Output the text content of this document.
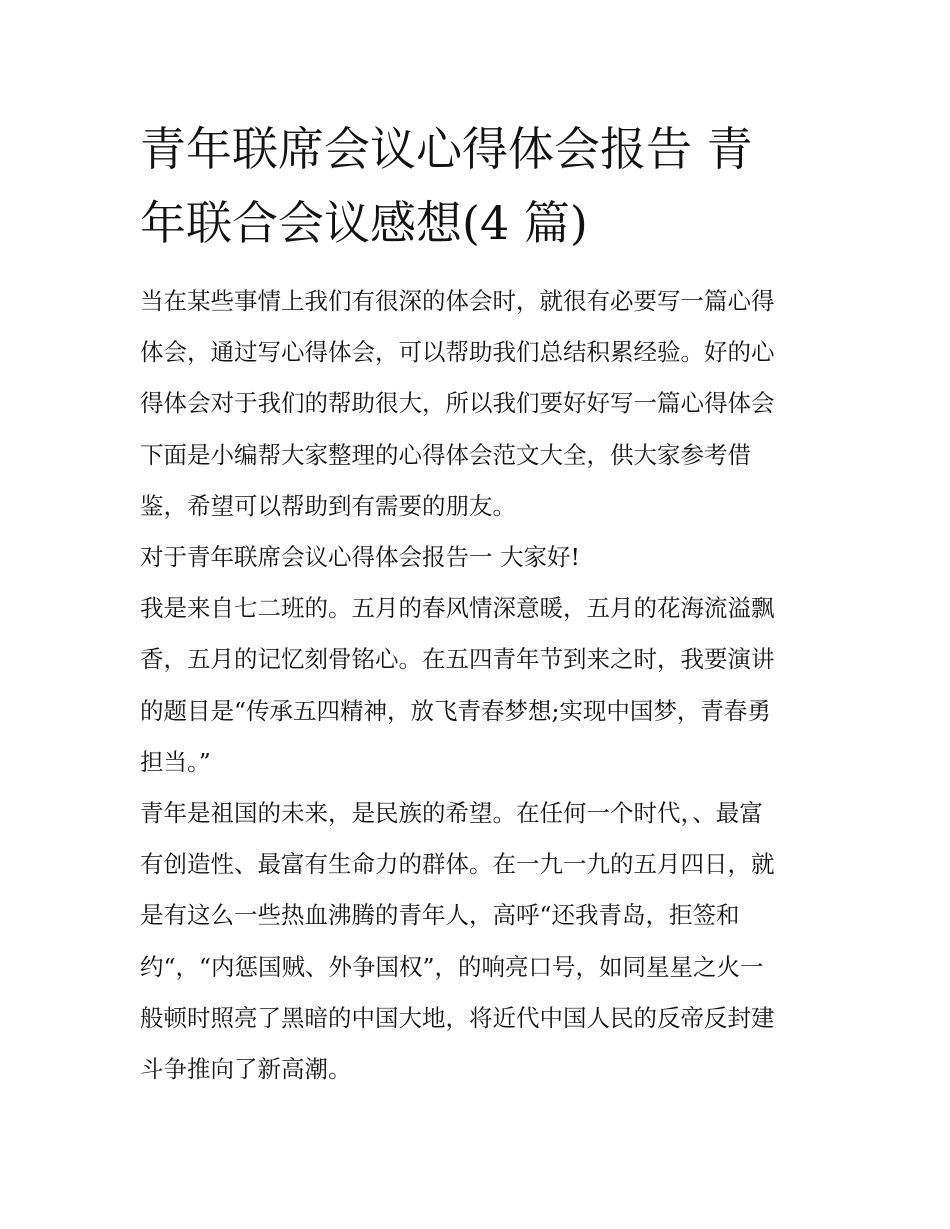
青年联席会议心得体会报告 青
年联合会议感想(4 篇)

当在某些事情上我们有很深的体会时，就很有必要写一篇心得
体会，通过写心得体会，可以帮助我们总结积累经验。好的心
得体会对于我们的帮助很大，所以我们要好好写一篇心得体会
下面是小编帮大家整理的心得体会范文大全，供大家参考借
鉴，希望可以帮助到有需要的朋友。

对于青年联席会议心得体会报告一 大家好!

我是来自七二班的。五月的春风情深意暖，五月的花海流溢飘
香，五月的记忆刻骨铭心。在五四青年节到来之时，我要演讲
的题目是“传承五四精神，放飞青春梦想;实现中国梦，青春勇
担当。”

青年是祖国的未来，是民族的希望。在任何一个时代，、最富
有创造性、最富有生命力的群体。在一九一九的五月四日，就
是有这么一些热血沸腾的青年人，高呼“还我青岛，拒签和
约“，“内惩国贼、外争国权”，的响亮口号，如同星星之火一
般顿时照亮了黑暗的中国大地，将近代中国人民的反帝反封建
斗争推向了新高潮。
